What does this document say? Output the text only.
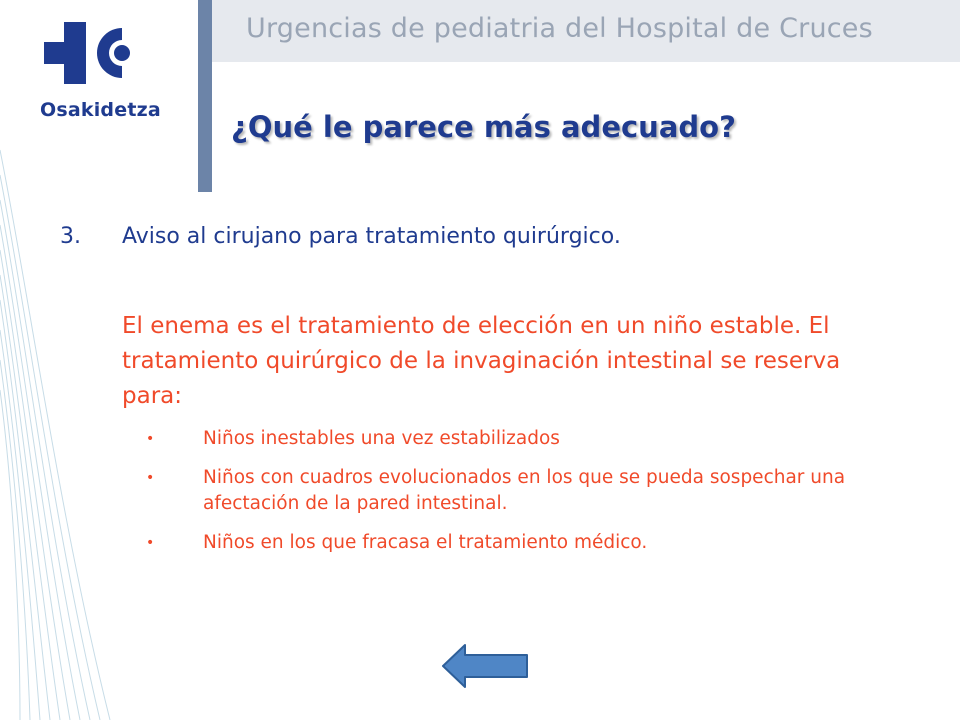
Urgencias de pediatria del Hospital de Cruces
Osakidetza ¿Qué le parece más adecuado?
3. Aviso al cirujano para tratamiento quirúrgico.
El enema es el tratamiento de elección en un niño estable. El tratamiento quirúrgico de la invaginación intestinal se reserva para:
•	Niños inestables una vez estabilizados
•	Niños con cuadros evolucionados en los que se pueda sospechar una afectación de la pared intestinal.
•	Niños en los que fracasa el tratamiento médico.
